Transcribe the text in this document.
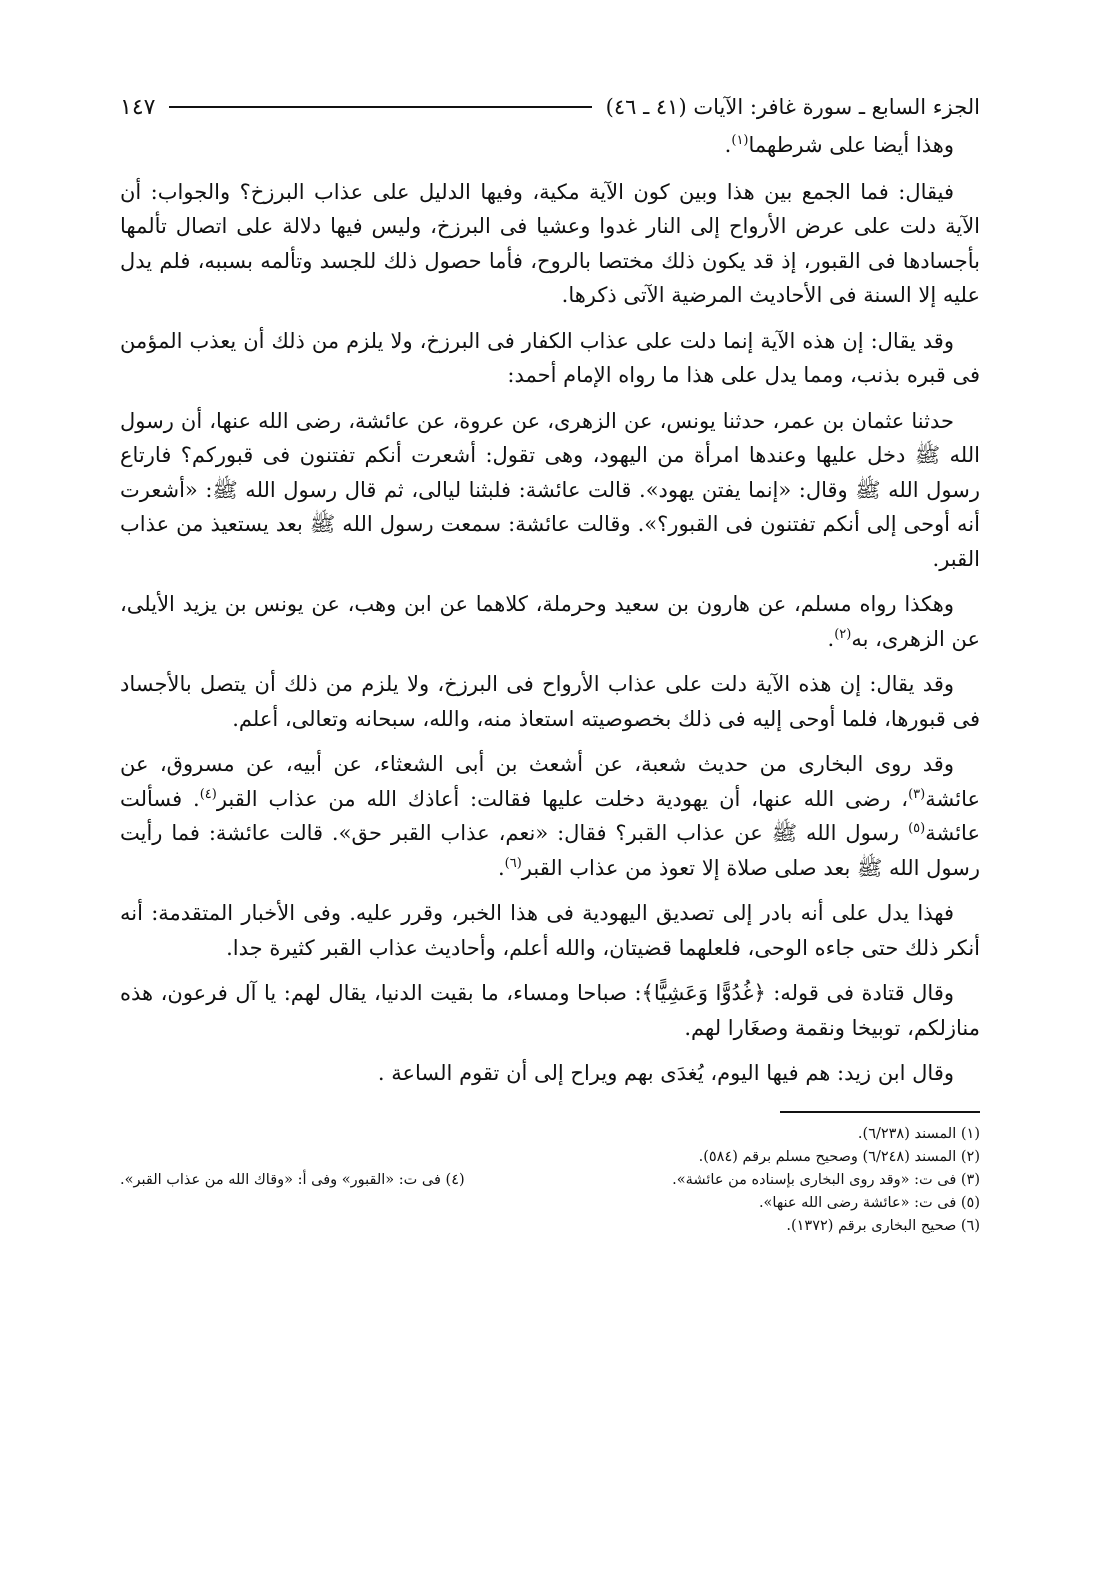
الجزء السابع ـ سورة غافر: الآيات (٤١ ـ ٤٦)
١٤٧

وهذا أيضا على شرطهما$^{(١)}$.

فيقال: فما الجمع بين هذا وبين كون الآية مكية، وفيها الدليل على عذاب البرزخ؟ والجواب: أن الآية دلت على عرض الأرواح إلى النار غدوا وعشيا فى البرزخ، وليس فيها دلالة على اتصال تألمها بأجسادها فى القبور، إذ قد يكون ذلك مختصا بالروح، فأما حصول ذلك للجسد وتألمه بسببه، فلم يدل عليه إلا السنة فى الأحاديث المرضية الآتى ذكرها.

وقد يقال: إن هذه الآية إنما دلت على عذاب الكفار فى البرزخ، ولا يلزم من ذلك أن يعذب المؤمن فى قبره بذنب، ومما يدل على هذا ما رواه الإمام أحمد:

حدثنا عثمان بن عمر، حدثنا يونس، عن الزهرى، عن عروة، عن عائشة، رضى الله عنها، أن رسول الله ﷺ دخل عليها وعندها امرأة من اليهود، وهى تقول: أشعرت أنكم تفتنون فى قبوركم؟ فارتاع رسول الله ﷺ وقال: «إنما يفتن يهود». قالت عائشة: فلبثنا ليالى، ثم قال رسول الله ﷺ: «أشعرت أنه أوحى إلى أنكم تفتنون فى القبور؟». وقالت عائشة: سمعت رسول الله ﷺ بعد يستعيذ من عذاب القبر.

وهكذا رواه مسلم، عن هارون بن سعيد وحرملة، كلاهما عن ابن وهب، عن يونس بن يزيد الأيلى، عن الزهرى، به$^{(٢)}$.

وقد يقال: إن هذه الآية دلت على عذاب الأرواح فى البرزخ، ولا يلزم من ذلك أن يتصل بالأجساد فى قبورها، فلما أوحى إليه فى ذلك بخصوصيته استعاذ منه، والله، سبحانه وتعالى، أعلم.

وقد روى البخارى من حديث شعبة، عن أشعث بن أبى الشعثاء، عن أبيه، عن مسروق، عن عائشة$^{(٣)}$، رضى الله عنها، أن يهودية دخلت عليها فقالت: أعاذك الله من عذاب القبر$^{(٤)}$. فسألت عائشة$^{(٥)}$ رسول الله ﷺ عن عذاب القبر؟ فقال: «نعم، عذاب القبر حق». قالت عائشة: فما رأيت رسول الله ﷺ بعد صلى صلاة إلا تعوذ من عذاب القبر$^{(٦)}$.

فهذا يدل على أنه بادر إلى تصديق اليهودية فى هذا الخبر، وقرر عليه. وفى الأخبار المتقدمة: أنه أنكر ذلك حتى جاءه الوحى، فلعلهما قضيتان، والله أعلم، وأحاديث عذاب القبر كثيرة جدا.

وقال قتادة فى قوله: ﴿غُدُوًّا وَعَشِيًّا﴾: صباحا ومساء، ما بقيت الدنيا، يقال لهم: يا آل فرعون، هذه منازلكم، توبيخا ونقمة وصغَارا لهم.

وقال ابن زيد: هم فيها اليوم، يُغدَى بهم ويراح إلى أن تقوم الساعة .

(١) المسند (٦/٢٣٨).
(٢) المسند (٦/٢٤٨) وصحيح مسلم برقم (٥٨٤).
(٣) فى ت: «وقد روى البخارى بإسناده من عائشة».
(٤) فى ت: «القبور» وفى أ: «وقاك الله من عذاب القبر».
(٥) فى ت: «عائشة رضى الله عنها».
(٦) صحيح البخارى برقم (١٣٧٢).
